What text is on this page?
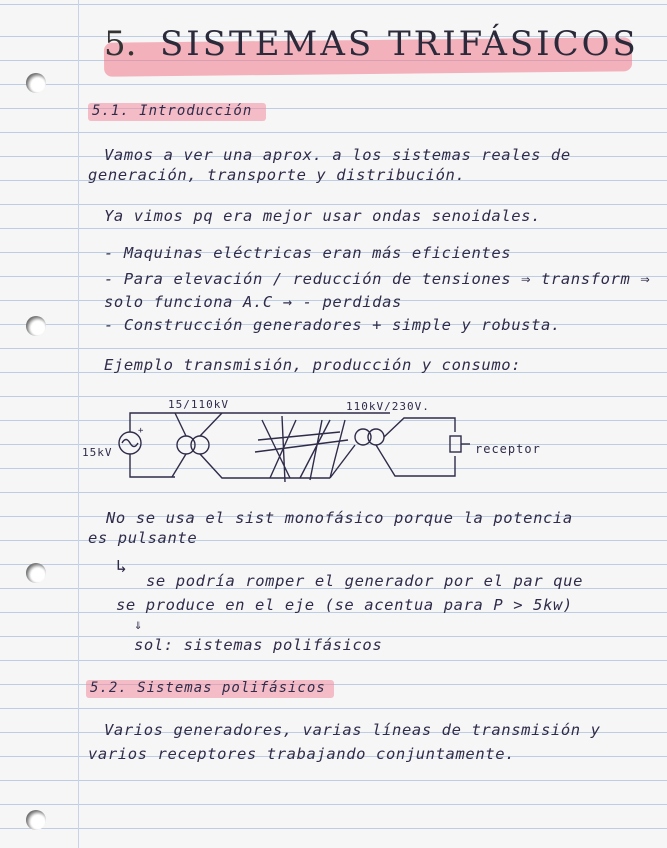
5. SISTEMAS TRIFÁSICOS
5.1. Introducción
Vamos a ver una aprox. a los sistemas reales de
generación, transporte y distribución.
Ya vimos pq era mejor usar ondas senoidales.
- Maquinas eléctricas eran más eficientes
- Para elevación / reducción de tensiones ⇒ transform ⇒
solo funciona A.C → - perdidas
- Construcción generadores + simple y robusta.
Ejemplo transmisión, producción y consumo:
15kV
+
15/110kV	110kV/230V.
receptor
No se usa el sist monofásico porque la potencia
es pulsante
↳
se podría romper el generador por el par que
se produce en el eje (se acentua para P > 5kw)
⇓
sol: sistemas polifásicos
5.2. Sistemas polifásicos
Varios generadores, varias líneas de transmisión y
varios receptores trabajando conjuntamente.
